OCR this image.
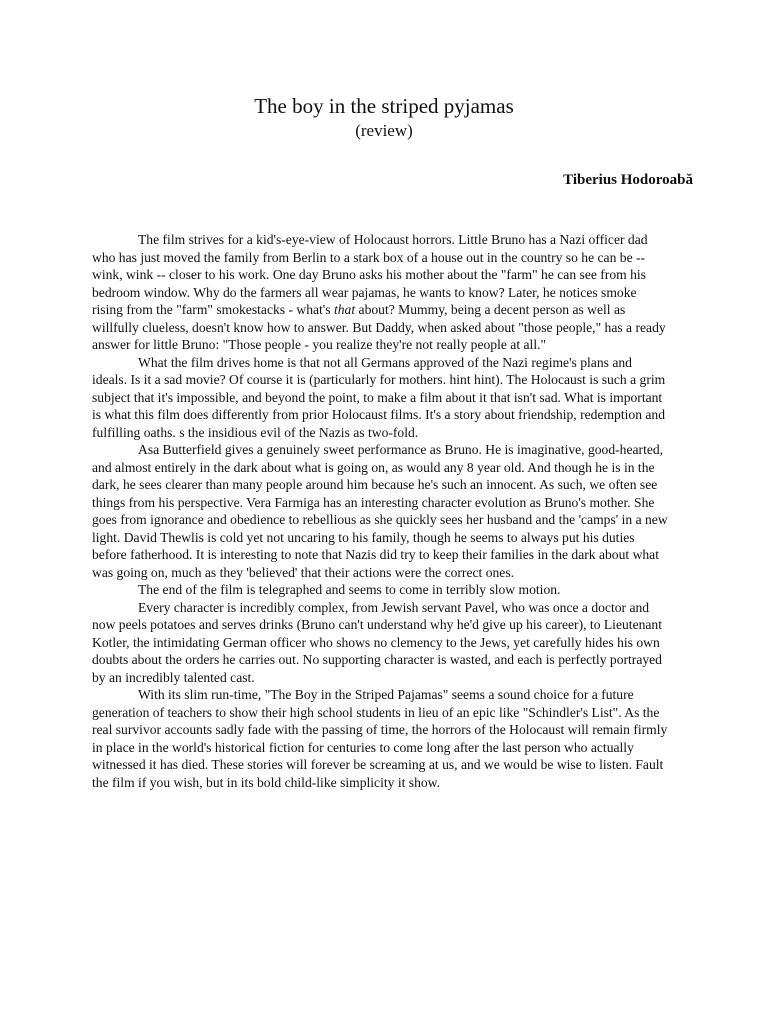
The boy in the striped pyjamas
(review)
Tiberius Hodoroabă

The film strives for a kid's-eye-view of Holocaust horrors. Little Bruno has a Nazi officer dad who has just moved the family from Berlin to a stark box of a house out in the country so he can be -- wink, wink -- closer to his work. One day Bruno asks his mother about the "farm" he can see from his bedroom window. Why do the farmers all wear pajamas, he wants to know? Later, he notices smoke rising from the "farm" smokestacks - what's that about? Mummy, being a decent person as well as willfully clueless, doesn't know how to answer. But Daddy, when asked about "those people," has a ready answer for little Bruno: "Those people - you realize they're not really people at all."

What the film drives home is that not all Germans approved of the Nazi regime's plans and ideals. Is it a sad movie? Of course it is (particularly for mothers. hint hint). The Holocaust is such a grim subject that it's impossible, and beyond the point, to make a film about it that isn't sad. What is important is what this film does differently from prior Holocaust films. It's a story about friendship, redemption and fulfilling oaths. s the insidious evil of the Nazis as two-fold.

Asa Butterfield gives a genuinely sweet performance as Bruno. He is imaginative, good-hearted, and almost entirely in the dark about what is going on, as would any 8 year old. And though he is in the dark, he sees clearer than many people around him because he's such an innocent. As such, we often see things from his perspective. Vera Farmiga has an interesting character evolution as Bruno's mother. She goes from ignorance and obedience to rebellious as she quickly sees her husband and the 'camps' in a new light. David Thewlis is cold yet not uncaring to his family, though he seems to always put his duties before fatherhood. It is interesting to note that Nazis did try to keep their families in the dark about what was going on, much as they 'believed' that their actions were the correct ones.

The end of the film is telegraphed and seems to come in terribly slow motion.

Every character is incredibly complex, from Jewish servant Pavel, who was once a doctor and now peels potatoes and serves drinks (Bruno can't understand why he'd give up his career), to Lieutenant Kotler, the intimidating German officer who shows no clemency to the Jews, yet carefully hides his own doubts about the orders he carries out. No supporting character is wasted, and each is perfectly portrayed by an incredibly talented cast.

With its slim run-time, "The Boy in the Striped Pajamas" seems a sound choice for a future generation of teachers to show their high school students in lieu of an epic like "Schindler's List". As the real survivor accounts sadly fade with the passing of time, the horrors of the Holocaust will remain firmly in place in the world's historical fiction for centuries to come long after the last person who actually witnessed it has died. These stories will forever be screaming at us, and we would be wise to listen. Fault the film if you wish, but in its bold child-like simplicity it show.
